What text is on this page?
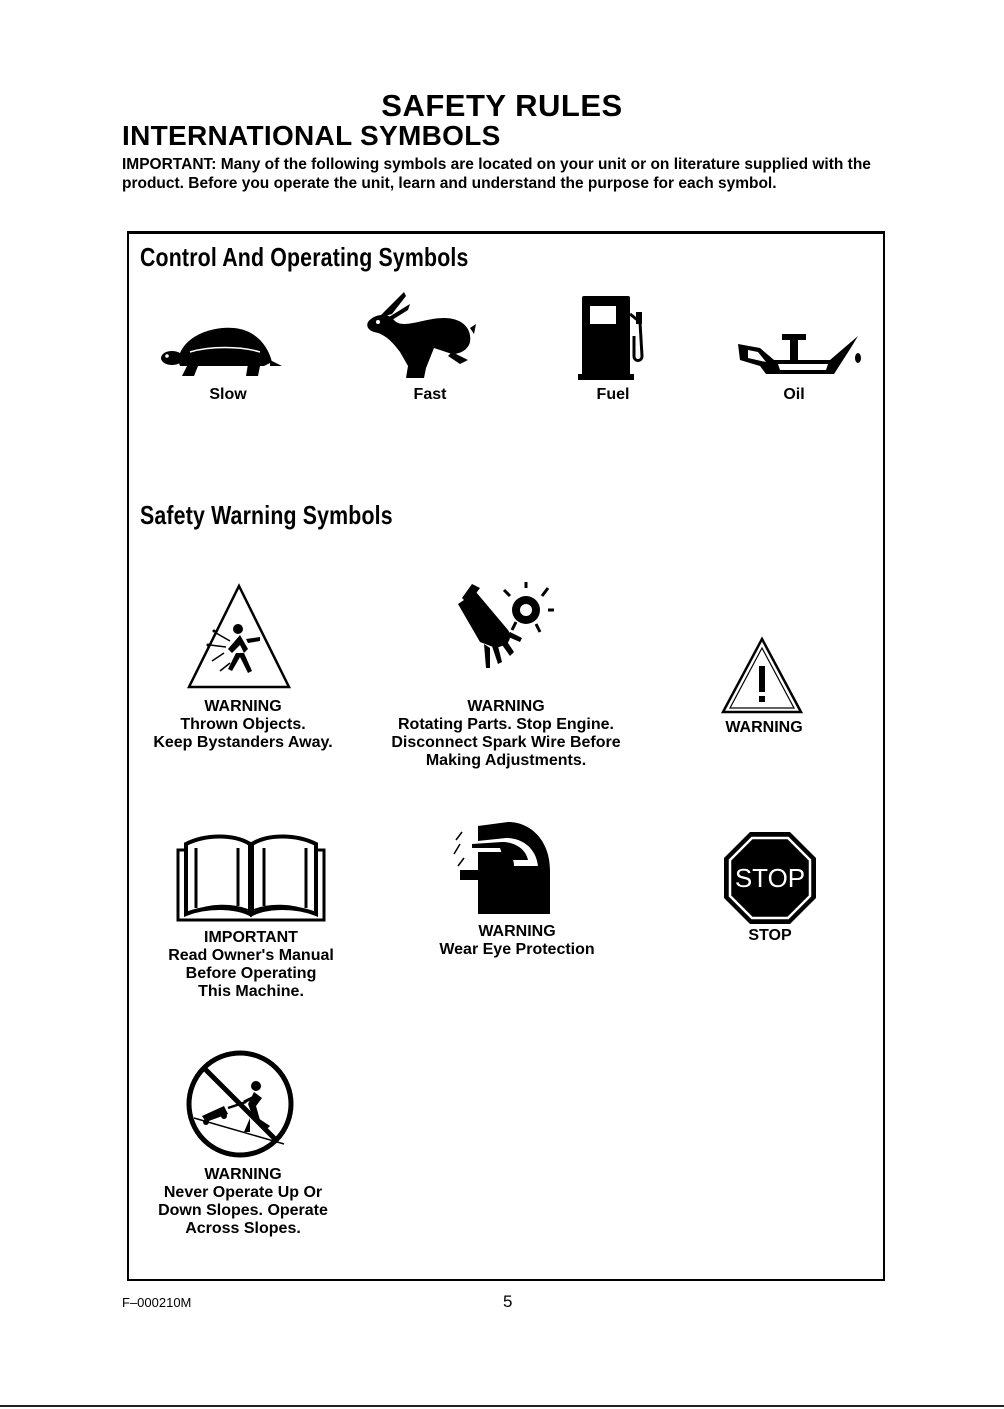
SAFETY RULES
INTERNATIONAL SYMBOLS
IMPORTANT: Many of the following symbols are located on your unit or on literature supplied with the product. Before you operate the unit, learn and understand the purpose for each symbol.
Control And Operating Symbols
Slow	Fast	Fuel	Oil
Safety Warning Symbols
WARNING
Thrown Objects.
Keep Bystanders Away.
WARNING
Rotating Parts. Stop Engine.
Disconnect Spark Wire Before
Making Adjustments.
WARNING
IMPORTANT
Read Owner's Manual
Before Operating
This Machine.
WARNING
Wear Eye Protection
STOP
STOP
WARNING
Never Operate Up Or
Down Slopes. Operate
Across Slopes.
F–000210M	5
